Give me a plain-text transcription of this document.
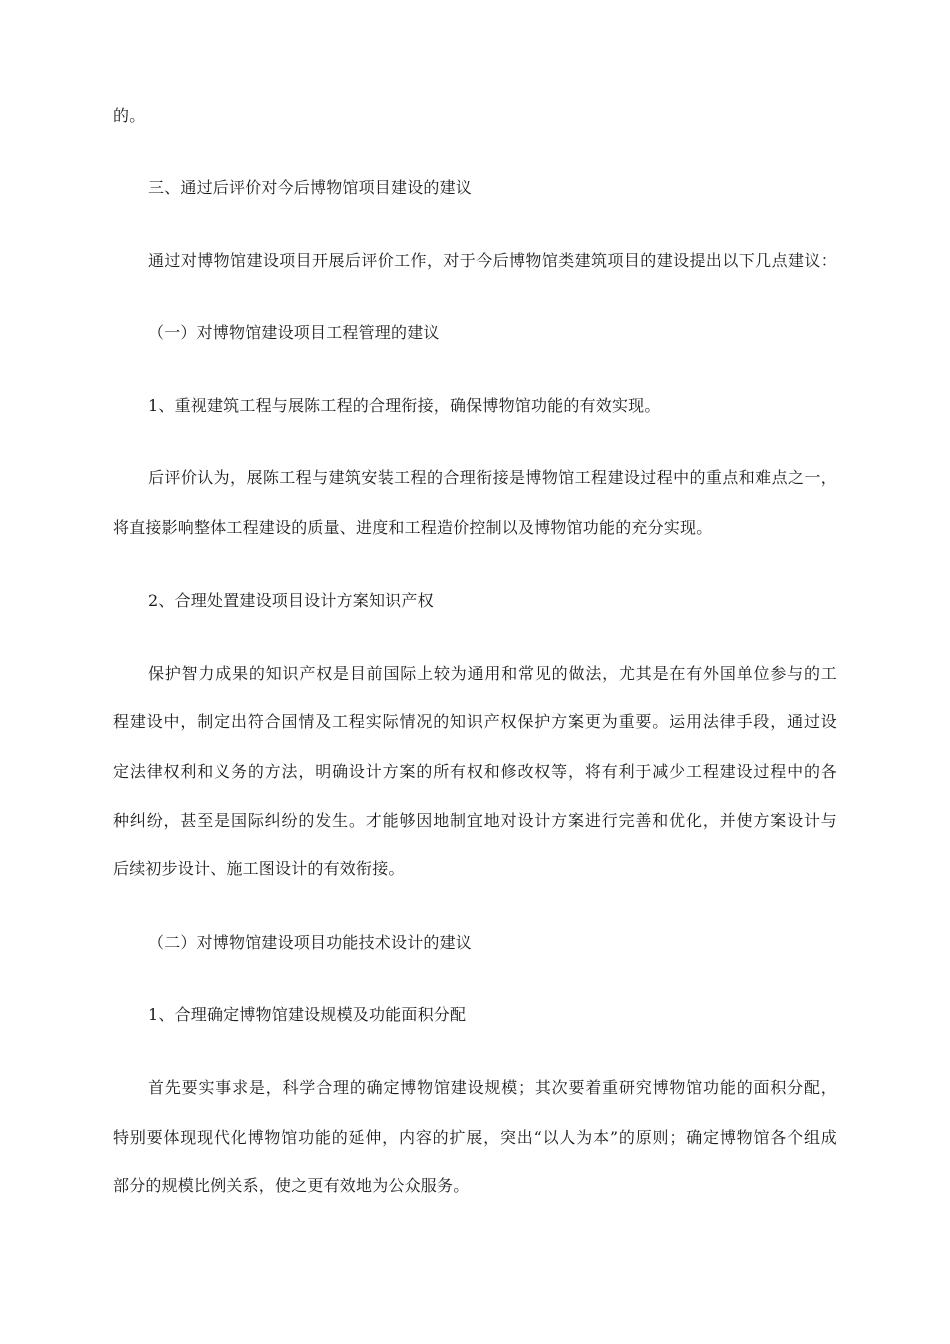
的。
三、通过后评价对今后博物馆项目建设的建议
通过对博物馆建设项目开展后评价工作，对于今后博物馆类建筑项目的建设提出以下几点建议：
（一）对博物馆建设项目工程管理的建议
1、重视建筑工程与展陈工程的合理衔接，确保博物馆功能的有效实现。
后评价认为，展陈工程与建筑安装工程的合理衔接是博物馆工程建设过程中的重点和难点之一，
将直接影响整体工程建设的质量、进度和工程造价控制以及博物馆功能的充分实现。
2、合理处置建设项目设计方案知识产权
保护智力成果的知识产权是目前国际上较为通用和常见的做法，尤其是在有外国单位参与的工
程建设中，制定出符合国情及工程实际情况的知识产权保护方案更为重要。运用法律手段，通过设
定法律权利和义务的方法，明确设计方案的所有权和修改权等，将有利于减少工程建设过程中的各
种纠纷，甚至是国际纠纷的发生。才能够因地制宜地对设计方案进行完善和优化，并使方案设计与
后续初步设计、施工图设计的有效衔接。
（二）对博物馆建设项目功能技术设计的建议
1、合理确定博物馆建设规模及功能面积分配
首先要实事求是，科学合理的确定博物馆建设规模；其次要着重研究博物馆功能的面积分配，
特别要体现现代化博物馆功能的延伸，内容的扩展，突出“以人为本”的原则；确定博物馆各个组成
部分的规模比例关系，使之更有效地为公众服务。
